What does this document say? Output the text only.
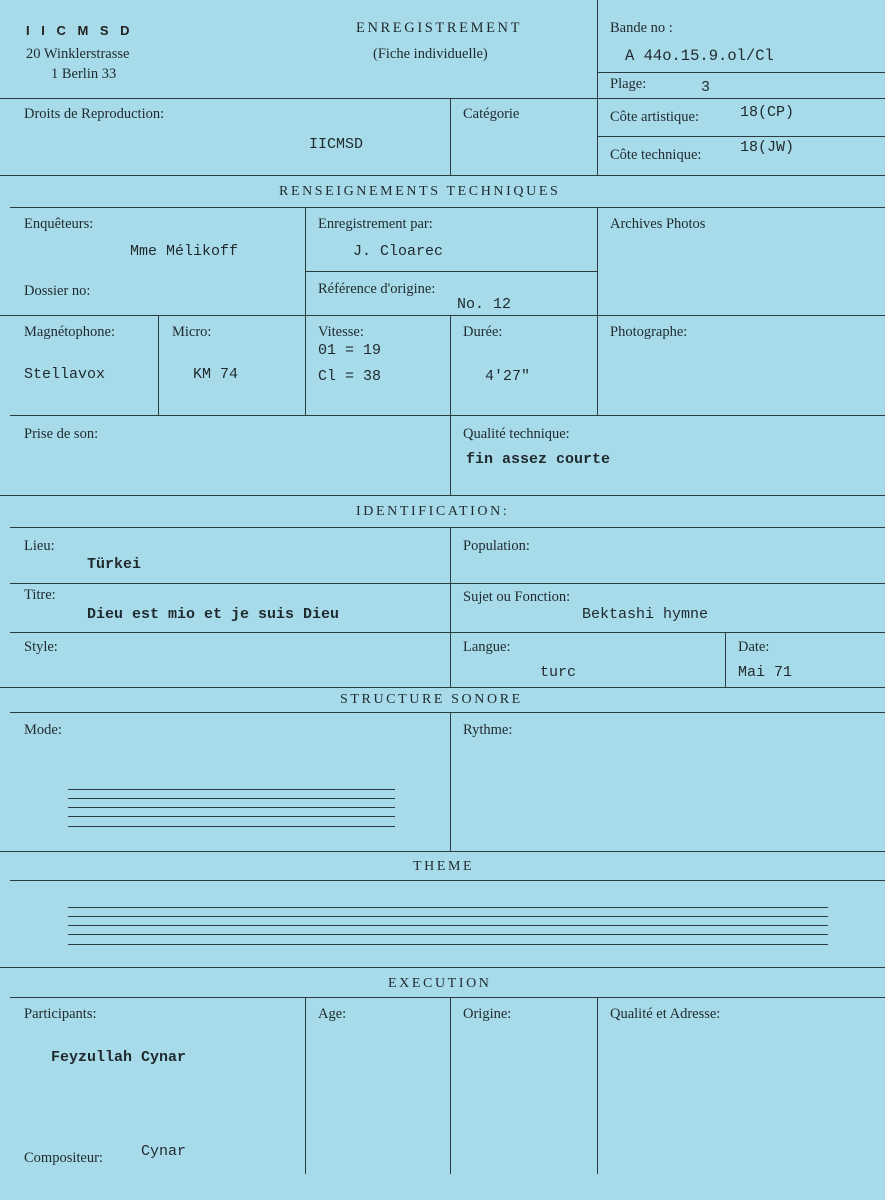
I I C M S D
20 Winklerstrasse
1 Berlin 33
ENREGISTREMENT
(Fiche individuelle)
Bande no :
A 44o.15.9.ol/Cl
Plage:	3
Droits de Reproduction:
IICMSD
Catégorie	Côte artistique:	18(CP)
Côte technique:	18(JW)
RENSEIGNEMENTS TECHNIQUES
Enquêteurs:
Mme Mélikoff
Enregistrement par:
J. Cloarec
Archives Photos
Dossier no:	Référence d'origine:
No. 12
Magnétophone:
Stellavox
Micro:
KM 74
Vitesse:
01 = 19
Cl = 38
Durée:
4'27"
Photographe:
Prise de son:	Qualité technique:
fin assez courte
IDENTIFICATION:
Lieu:
Türkei
Population:
Titre:
Dieu est mio et je suis Dieu
Sujet ou Fonction:
Bektashi hymne
Style:	Langue:
turc
Date:
Mai 71
STRUCTURE SONORE
Mode:	Rythme:
THEME
EXECUTION
Participants:
Feyzullah Cynar
Age:	Origine:	Qualité et Adresse:
Compositeur:	Cynar
